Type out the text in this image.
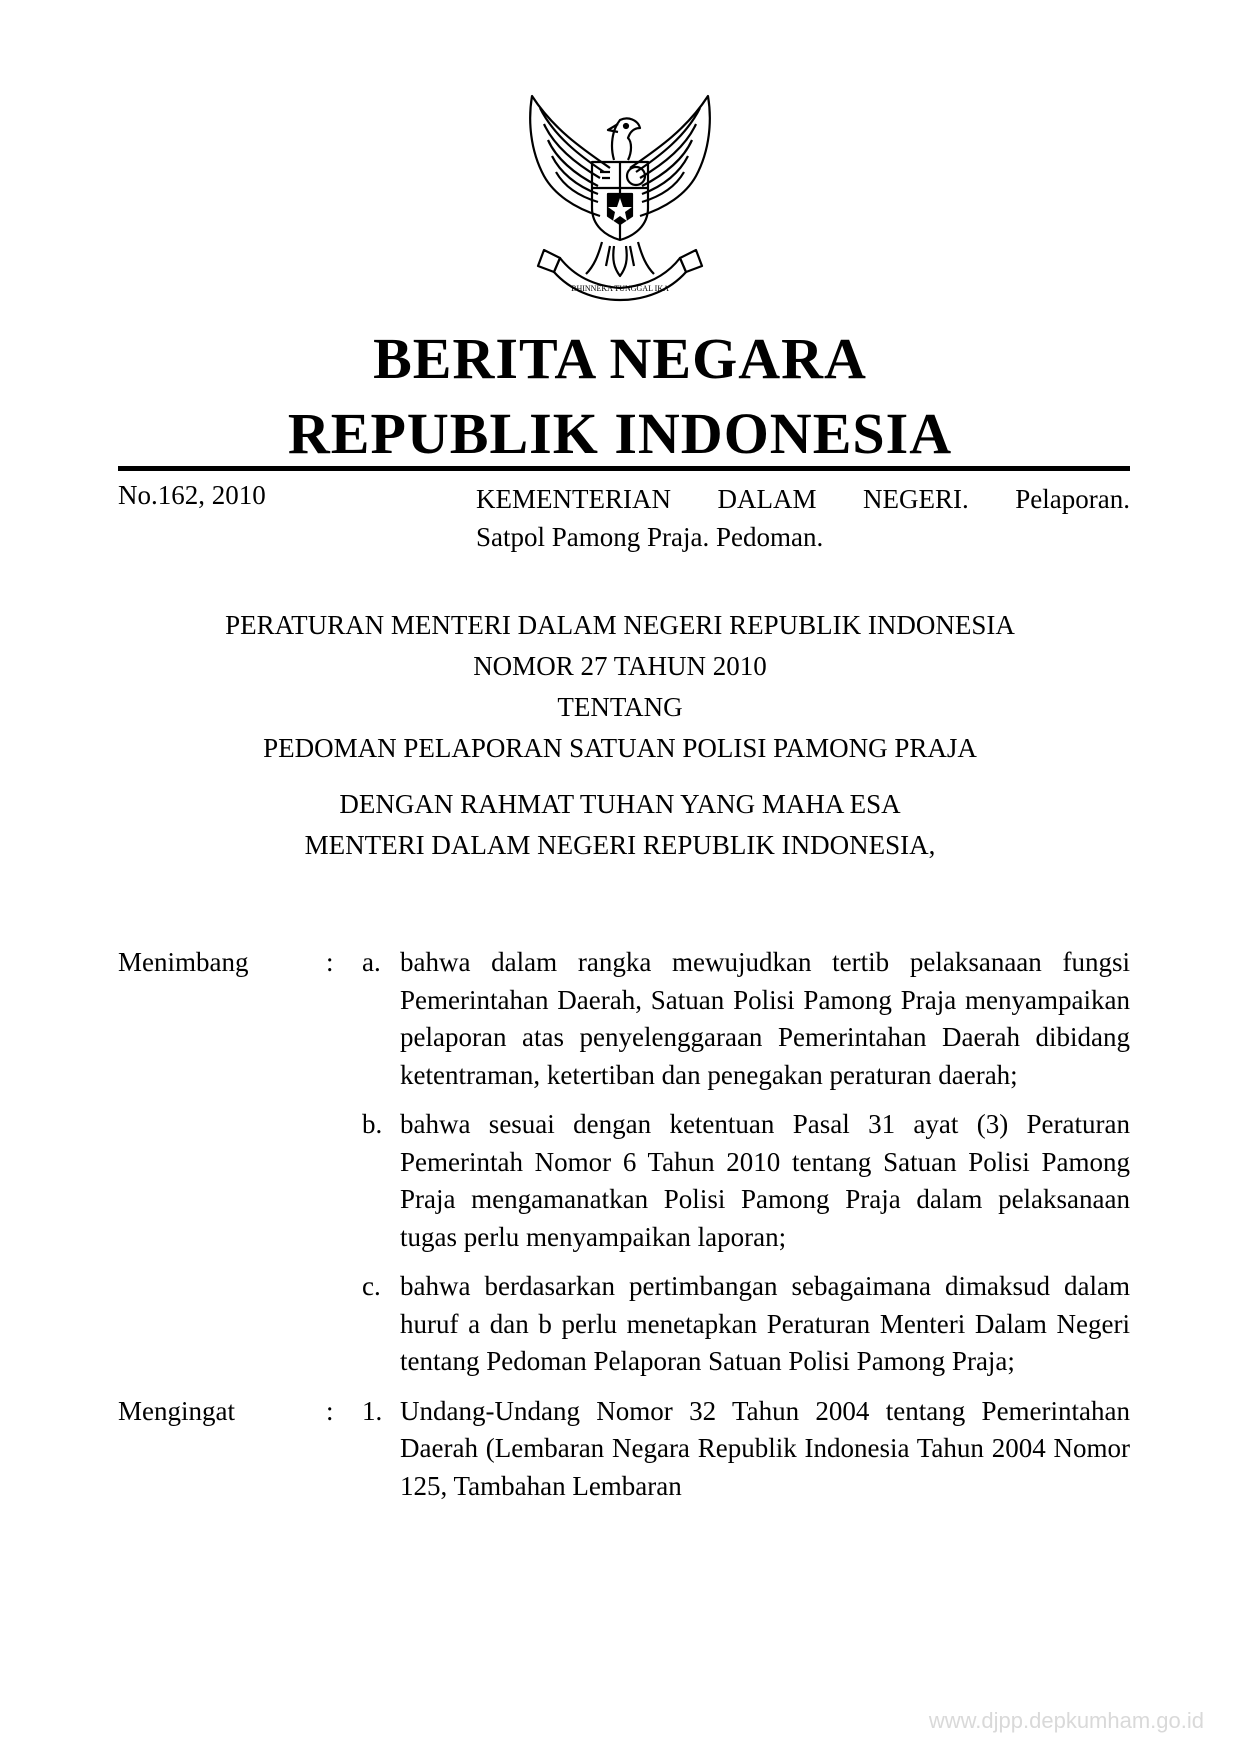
BHINNEKA TUNGGAL IKA
BERITA NEGARA
REPUBLIK INDONESIA
No.162, 2010	KEMENTERIAN DALAM NEGERI. Pelaporan.
Satpol Pamong Praja. Pedoman.
PERATURAN MENTERI DALAM NEGERI REPUBLIK INDONESIA
NOMOR 27 TAHUN 2010
TENTANG
PEDOMAN PELAPORAN SATUAN POLISI PAMONG PRAJA
DENGAN RAHMAT TUHAN YANG MAHA ESA
MENTERI DALAM NEGERI REPUBLIK INDONESIA,
Menimbang	: a. bahwa dalam rangka mewujudkan tertib pelaksanaan fungsi Pemerintahan Daerah, Satuan Polisi Pamong Praja menyampaikan pelaporan atas penyelenggaraan Pemerintahan Daerah dibidang ketentraman, ketertiban dan penegakan peraturan daerah;
b. bahwa sesuai dengan ketentuan Pasal 31 ayat (3) Peraturan Pemerintah Nomor 6 Tahun 2010 tentang Satuan Polisi Pamong Praja mengamanatkan Polisi Pamong Praja dalam pelaksanaan tugas perlu menyampaikan laporan;
c. bahwa berdasarkan pertimbangan sebagaimana dimaksud dalam huruf a dan b perlu menetapkan Peraturan Menteri Dalam Negeri tentang Pedoman Pelaporan Satuan Polisi Pamong Praja;
Mengingat	: 1. Undang-Undang Nomor 32 Tahun 2004 tentang Pemerintahan Daerah (Lembaran Negara Republik Indonesia Tahun 2004 Nomor 125, Tambahan Lembaran
www.djpp.depkumham.go.id
